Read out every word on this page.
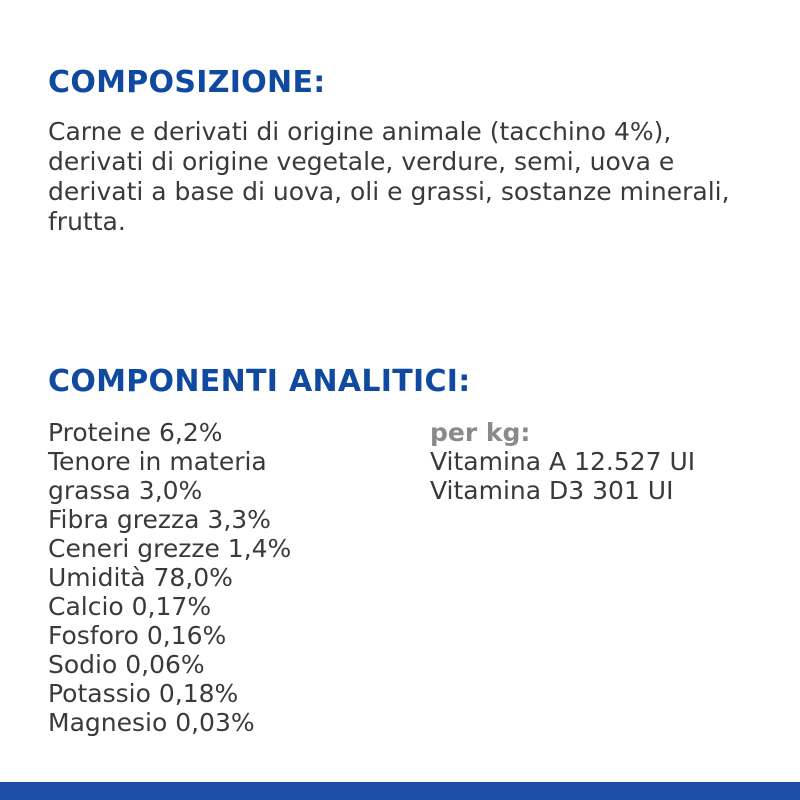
COMPOSIZIONE:

Carne e derivati di origine animale (tacchino 4%), derivati di origine vegetale, verdure, semi, uova e derivati a base di uova, oli e grassi, sostanze minerali, frutta.

COMPONENTI ANALITICI:
Proteine 6,2%
Tenore in materia
grassa 3,0%
Fibra grezza 3,3%
Ceneri grezze 1,4%
Umidità 78,0%
Calcio 0,17%
Fosforo 0,16%
Sodio 0,06%
Potassio 0,18%
Magnesio 0,03%
per kg:
Vitamina A 12.527 UI
Vitamina D3 301 UI
